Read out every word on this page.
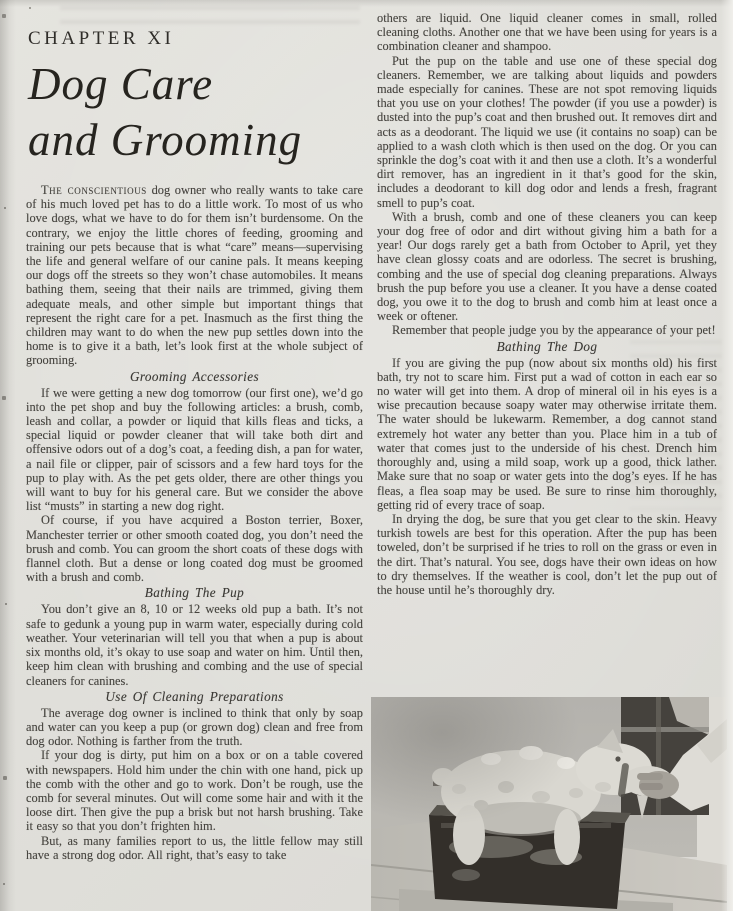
CHAPTER XI
Dog Care
and Grooming

The conscientious dog owner who really wants to take care of his much loved pet has to do a little work. To most of us who love dogs, what we have to do for them isn’t burdensome. On the contrary, we enjoy the little chores of feeding, grooming and training our pets because that is what “care” means—supervising the life and general welfare of our canine pals. It means keeping our dogs off the streets so they won’t chase automobiles. It means bathing them, seeing that their nails are trimmed, giving them adequate meals, and other simple but important things that represent the right care for a pet. Inasmuch as the first thing the children may want to do when the new pup settles down into the home is to give it a bath, let’s look first at the whole subject of grooming.

Grooming Accessories

If we were getting a new dog tomorrow (our first one), we’d go into the pet shop and buy the following articles: a brush, comb, leash and collar, a powder or liquid that kills fleas and ticks, a special liquid or powder cleaner that will take both dirt and offensive odors out of a dog’s coat, a feeding dish, a pan for water, a nail file or clipper, pair of scissors and a few hard toys for the pup to play with. As the pet gets older, there are other things you will want to buy for his general care. But we consider the above list “musts” in starting a new dog right.

Of course, if you have acquired a Boston terrier, Boxer, Manchester terrier or other smooth coated dog, you don’t need the brush and comb. You can groom the short coats of these dogs with flannel cloth. But a dense or long coated dog must be groomed with a brush and comb.

Bathing The Pup

You don’t give an 8, 10 or 12 weeks old pup a bath. It’s not safe to gedunk a young pup in warm water, especially during cold weather. Your veterinarian will tell you that when a pup is about six months old, it’s okay to use soap and water on him. Until then, keep him clean with brushing and combing and the use of special cleaners for canines.

Use Of Cleaning Preparations

The average dog owner is inclined to think that only by soap and water can you keep a pup (or grown dog) clean and free from dog odor. Nothing is farther from the truth.

If your dog is dirty, put him on a box or on a table covered with newspapers. Hold him under the chin with one hand, pick up the comb with the other and go to work. Don’t be rough, use the comb for several minutes. Out will come some hair and with it the loose dirt. Then give the pup a brisk but not harsh brushing. Take it easy so that you don’t frighten him.

But, as many families report to us, the little fellow may still have a strong dog odor. All right, that’s easy to take

others are liquid. One liquid cleaner comes in small, rolled cleaning cloths. Another one that we have been using for years is a combination cleaner and shampoo.

Put the pup on the table and use one of these special dog cleaners. Remember, we are talking about liquids and powders made especially for canines. These are not spot removing liquids that you use on your clothes! The powder (if you use a powder) is dusted into the pup’s coat and then brushed out. It removes dirt and acts as a deodorant. The liquid we use (it contains no soap) can be applied to a wash cloth which is then used on the dog. Or you can sprinkle the dog’s coat with it and then use a cloth. It’s a wonderful dirt remover, has an ingredient in it that’s good for the skin, includes a deodorant to kill dog odor and lends a fresh, fragrant smell to pup’s coat.

With a brush, comb and one of these cleaners you can keep your dog free of odor and dirt without giving him a bath for a year! Our dogs rarely get a bath from October to April, yet they have clean glossy coats and are odorless. The secret is brushing, combing and the use of special dog cleaning preparations. Always brush the pup before you use a cleaner. It you have a dense coated dog, you owe it to the dog to brush and comb him at least once a week or oftener.

Remember that people judge you by the appearance of your pet!

Bathing The Dog

If you are giving the pup (now about six months old) his first bath, try not to scare him. First put a wad of cotton in each ear so no water will get into them. A drop of mineral oil in his eyes is a wise precaution because soapy water may otherwise irritate them. The water should be lukewarm. Remember, a dog cannot stand extremely hot water any better than you. Place him in a tub of water that comes just to the underside of his chest. Drench him thoroughly and, using a mild soap, work up a good, thick lather. Make sure that no soap or water gets into the dog’s eyes. If he has fleas, a flea soap may be used. Be sure to rinse him thoroughly, getting rid of every trace of soap.

In drying the dog, be sure that you get clear to the skin. Heavy turkish towels are best for this operation. After the pup has been toweled, don’t be surprised if he tries to roll on the grass or even in the dirt. That’s natural. You see, dogs have their own ideas on how to dry themselves. If the weather is cool, don’t let the pup out of the house until he’s thoroughly dry.
